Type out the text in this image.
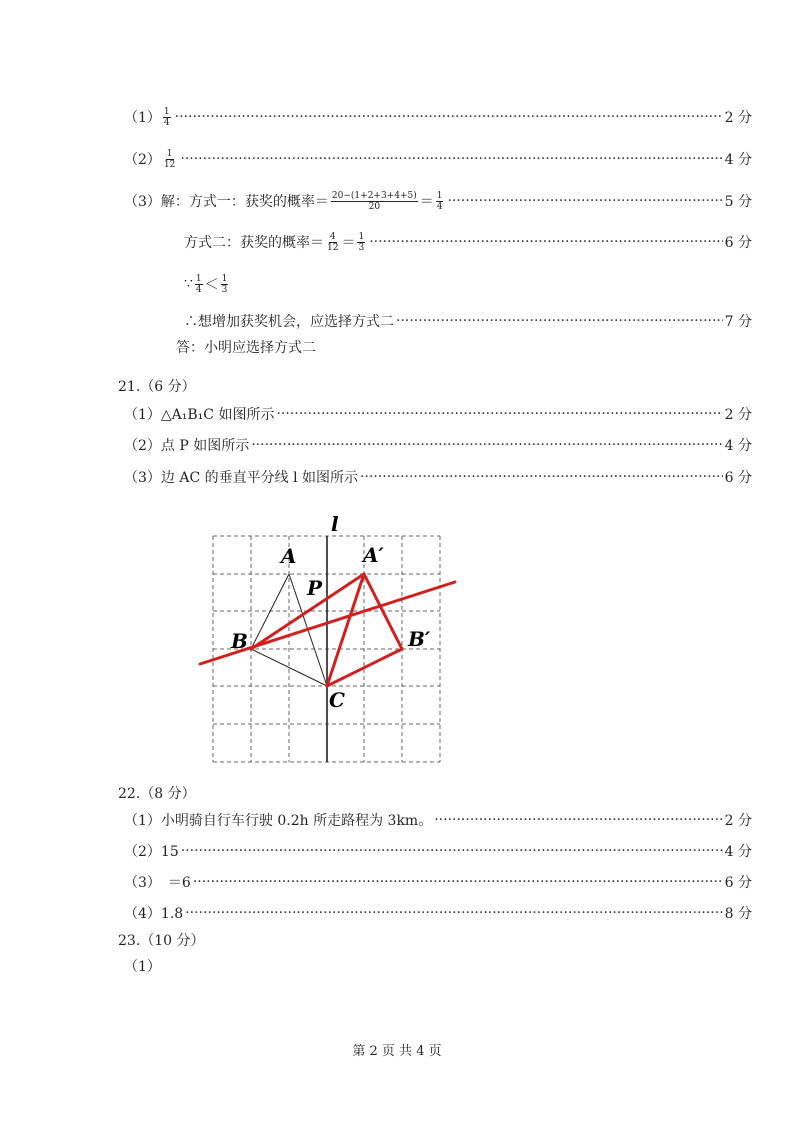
$(1) \frac{1}{4}$ ·····	2 分
$(2) \frac{1}{12}$ ·····	4 分
（3）解：方式一：获奖的概率＝ $\frac{20-(1+2+3+4+5)}{20} = \frac{1}{4}$ ·····	5 分
方式二：获奖的概率＝ $\frac{4}{12} = \frac{1}{3}$ ·····	6 分
∵ $\frac{1}{4} < \frac{1}{3}$
∴想增加获奖机会，应选择方式二 ·····	7 分
答：小明应选择方式二
21.（6 分）
（1）△A₁B₁C 如图所示 ·····	2 分
（2）点 P 如图所示 ·····	4 分
（3）边 AC 的垂直平分线 l 如图所示 ·····	6 分
l
A	A′
P
B	B′
C
22.（8 分）
（1）小明骑自行车行驶 0.2h 所走路程为 3km。 ·····	2 分
（2）15 ·····	4 分
（3）　＝6 ·····	6 分
（4）1.8 ·····	8 分
23.（10 分）
（1）
第 2 页 共 4 页
